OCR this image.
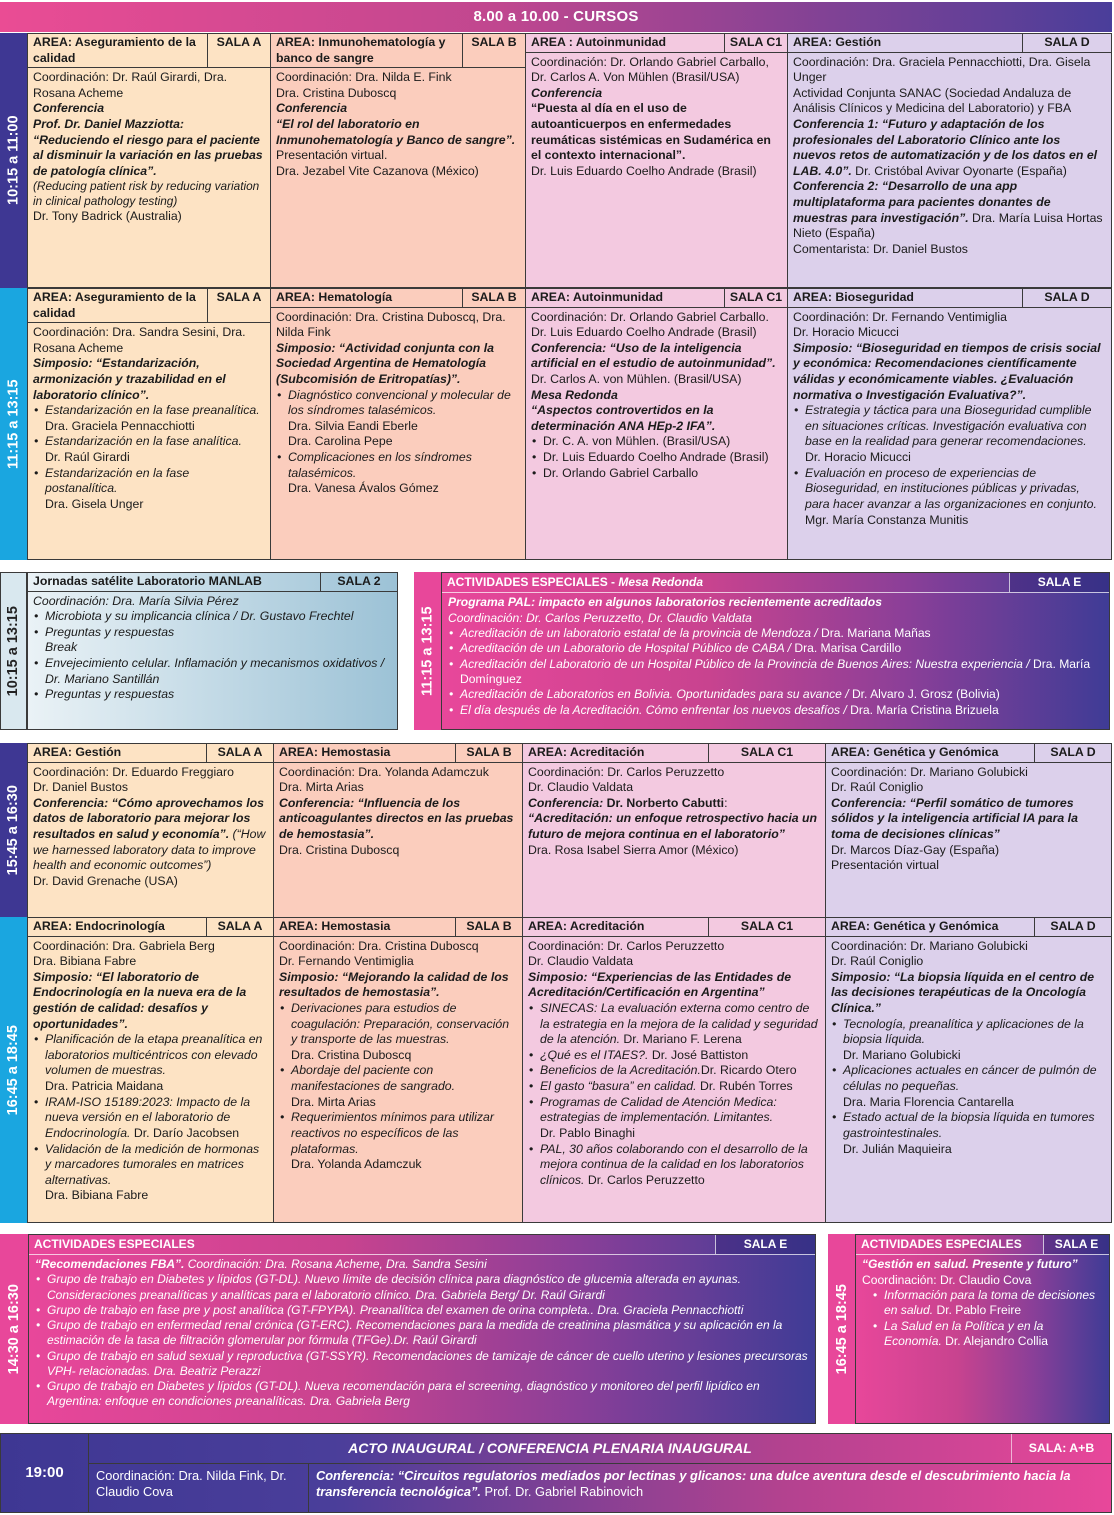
8.00 a 10.00 - CURSOS
10:15 a 11:00
AREA: Aseguramiento de la calidad
SALA A

Coordinación: Dr. Raúl Girardi, Dra. Rosana Acheme

Conferencia

Prof. Dr. Daniel Mazziotta:

“Reduciendo el riesgo para el paciente al disminuir la variación en las pruebas de patología clínica”.

(Reducing patient risk by reducing variation in clinical pathology testing)

Dr. Tony Badrick (Australia)

AREA: Inmunohematología y banco de sangre
SALA B

Coordinación: Dra. Nilda E. Fink

Dra. Cristina Duboscq

Conferencia

“El rol del laboratorio en Inmunohematología y Banco de sangre”.

Presentación virtual.

Dra. Jezabel Vite Cazanova (México)

AREA : Autoinmunidad	SALA C1

Coordinación: Dr. Orlando Gabriel Carballo, Dr. Carlos A. Von Mühlen (Brasil/USA)

Conferencia

“Puesta al día en el uso de autoanticuerpos en enfermedades reumáticas sistémicas en Sudamérica en el contexto internacional”.

Dr. Luis Eduardo Coelho Andrade (Brasil)

AREA: Gestión	SALA D

Coordinación: Dra. Graciela Pennacchiotti, Dra. Gisela Unger

Actividad Conjunta SANAC (Sociedad Andaluza de Análisis Clínicos y Medicina del Laboratorio) y FBA

Conferencia 1: “Futuro y adaptación de los profesionales del Laboratorio Clínico ante los nuevos retos de automatización y de los datos en el LAB. 4.0”. Dr. Cristóbal Avivar Oyonarte (España)

Conferencia 2: “Desarrollo de una app multiplataforma para pacientes donantes de muestras para investigación”. Dra. María Luisa Hortas Nieto (España)

Comentarista: Dr. Daniel Bustos

11:15 a 13:15
AREA: Aseguramiento de la calidad
SALA A

Coordinación: Dra. Sandra Sesini, Dra. Rosana Acheme

Simposio: “Estandarización, armonización y trazabilidad en el laboratorio clínico”.

• Estandarización en la fase preanalítica.

Dra. Graciela Pennacchiotti

• Estandarización en la fase analítica.

Dr. Raúl Girardi

• Estandarización en la fase postanalítica.

Dra. Gisela Unger

AREA: Hematología	SALA B

Coordinación: Dra. Cristina Duboscq, Dra. Nilda Fink

Simposio: “Actividad conjunta con la Sociedad Argentina de Hematología (Subcomisión de Eritropatías)”.

• Diagnóstico convencional y molecular de los síndromes talasémicos.

Dra. Silvia Eandi Eberle

Dra. Carolina Pepe

• Complicaciones en los síndromes talasémicos.

Dra. Vanesa Ávalos Gómez

AREA: Autoinmunidad	SALA C1

Coordinación: Dr. Orlando Gabriel Carballo. Dr. Luis Eduardo Coelho Andrade (Brasil)

Conferencia: “Uso de la inteligencia artificial en el estudio de autoinmunidad”.

Dr. Carlos A. von Mühlen. (Brasil/USA)

Mesa Redonda

“Aspectos controvertidos en la determinación ANA HEp-2 IFA”.

• Dr. C. A. von Mühlen. (Brasil/USA)
• Dr. Luis Eduardo Coelho Andrade (Brasil)
• Dr. Orlando Gabriel Carballo
AREA: Bioseguridad	SALA D

Coordinación: Dr. Fernando Ventimiglia

Dr. Horacio Micucci

Simposio: “Bioseguridad en tiempos de crisis social y económica: Recomendaciones científicamente válidas y económicamente viables. ¿Evaluación normativa o Investigación Evaluativa?”.

• Estrategia y táctica para una Bioseguridad cumplible en situaciones críticas. Investigación evaluativa con base en la realidad para generar recomendaciones.

Dr. Horacio Micucci

• Evaluación en proceso de experiencias de Bioseguridad, en instituciones públicas y privadas, para hacer avanzar a las organizaciones en conjunto. Mgr. María Constanza Munitis
10:15 a 13:15
Jornadas satélite Laboratorio MANLAB	SALA 2

Coordinación: Dra. María Silvia Pérez

• Microbiota y su implicancia clínica / Dr. Gustavo Frechtel
• Preguntas y respuestas

Break

• Envejecimiento celular. Inflamación y mecanismos oxidativos / Dr. Mariano Santillán
• Preguntas y respuestas	11:15 a 13:15
ACTIVIDADES ESPECIALES - Mesa Redonda	SALA E

Programa PAL: impacto en algunos laboratorios recientemente acreditados

Coordinación: Dr. Carlos Peruzzetto, Dr. Claudio Valdata

• Acreditación de un laboratorio estatal de la provincia de Mendoza / Dra. Mariana Mañas
• Acreditación de un Laboratorio de Hospital Público de CABA / Dra. Marisa Cardillo
• Acreditación del Laboratorio de un Hospital Público de la Provincia de Buenos Aires: Nuestra experiencia / Dra. María Domínguez
• Acreditación de Laboratorios en Bolivia. Oportunidades para su avance / Dr. Alvaro J. Grosz (Bolivia)
• El día después de la Acreditación. Cómo enfrentar los nuevos desafíos / Dra. María Cristina Brizuela
15:45 a 16:30
AREA: Gestión	SALA A

Coordinación: Dr. Eduardo Freggiaro

Dr. Daniel Bustos

Conferencia: “Cómo aprovechamos los datos de laboratorio para mejorar los resultados en salud y economía”. (“How we harnessed laboratory data to improve health and economic outcomes”)

Dr. David Grenache (USA)

AREA: Hemostasia	SALA B

Coordinación: Dra. Yolanda Adamczuk

Dra. Mirta Arias

Conferencia: “Influencia de los anticoagulantes directos en las pruebas de hemostasia”.

Dra. Cristina Duboscq

AREA: Acreditación	SALA C1

Coordinación: Dr. Carlos Peruzzetto

Dr. Claudio Valdata

Conferencia: Dr. Norberto Cabutti:

“Acreditación: un enfoque retrospectivo hacia un futuro de mejora continua en el laboratorio”

Dra. Rosa Isabel Sierra Amor (México)

AREA: Genética y Genómica	SALA D

Coordinación: Dr. Mariano Golubicki

Dr. Raúl Coniglio

Conferencia: “Perfil somático de tumores sólidos y la inteligencia artificial IA para la toma de decisiones clínicas”

Dr. Marcos Díaz-Gay (España)

Presentación virtual

16:45 a 18:45
AREA: Endocrinología	SALA A

Coordinación: Dra. Gabriela Berg

Dra. Bibiana Fabre

Simposio: “El laboratorio de Endocrinología en la nueva era de la gestión de calidad: desafíos y oportunidades”.

• Planificación de la etapa preanalítica en laboratorios multicéntricos con elevado volumen de muestras.

Dra. Patricia Maidana

• IRAM-ISO 15189:2023: Impacto de la nueva versión en el laboratorio de Endocrinología. Dr. Darío Jacobsen
• Validación de la medición de hormonas y marcadores tumorales en matrices alternativas.

Dra. Bibiana Fabre

AREA: Hemostasia	SALA B

Coordinación: Dra. Cristina Duboscq

Dr. Fernando Ventimiglia

Simposio: “Mejorando la calidad de los resultados de hemostasia”.

• Derivaciones para estudios de coagulación: Preparación, conservación y transporte de las muestras.

Dra. Cristina Duboscq

• Abordaje del paciente con manifestaciones de sangrado.

Dra. Mirta Arias

• Requerimientos mínimos para utilizar reactivos no específicos de las plataformas.

Dra. Yolanda Adamczuk

AREA: Acreditación	SALA C1

Coordinación: Dr. Carlos Peruzzetto

Dr. Claudio Valdata

Simposio: “Experiencias de las Entidades de Acreditación/Certificación en Argentina”

• SINECAS: La evaluación externa como centro de la estrategia en la mejora de la calidad y seguridad de la atención. Dr. Mariano F. Lerena
• ¿Qué es el ITAES?. Dr. José Battiston
• Beneficios de la Acreditación.Dr. Ricardo Otero
• El gasto “basura” en calidad. Dr. Rubén Torres
• Programas de Calidad de Atención Medica: estrategias de implementación. Limitantes.

Dr. Pablo Binaghi

• PAL, 30 años colaborando con el desarrollo de la mejora continua de la calidad en los laboratorios clínicos. Dr. Carlos Peruzzetto
AREA: Genética y Genómica	SALA D

Coordinación: Dr. Mariano Golubicki

Dr. Raúl Coniglio

Simposio: “La biopsia líquida en el centro de las decisiones terapéuticas de la Oncología Clínica.”

• Tecnología, preanalítica y aplicaciones de la biopsia líquida.

Dr. Mariano Golubicki

• Aplicaciones actuales en cáncer de pulmón de células no pequeñas.

Dra. Maria Florencia Cantarella

• Estado actual de la biopsia líquida en tumores gastrointestinales.

Dr. Julián Maquieira

14:30 a 16:30
ACTIVIDADES ESPECIALES	SALA E

“Recomendaciones FBA”. Coordinación: Dra. Rosana Acheme, Dra. Sandra Sesini

• Grupo de trabajo en Diabetes y lípidos (GT-DL). Nuevo límite de decisión clínica para diagnóstico de glucemia alterada en ayunas. Consideraciones preanalíticas y analíticas para el laboratorio clínico. Dra. Gabriela Berg/ Dr. Raúl Girardi
• Grupo de trabajo en fase pre y post analítica (GT-FPYPA). Preanalítica del examen de orina completa.. Dra. Graciela Pennacchiotti
• Grupo de trabajo en enfermedad renal crónica (GT-ERC). Recomendaciones para la medida de creatinina plasmática y su aplicación en la estimación de la tasa de filtración glomerular por fórmula (TFGe).Dr. Raúl Girardi
• Grupo de trabajo en salud sexual y reproductiva (GT-SSYR). Recomendaciones de tamizaje de cáncer de cuello uterino y lesiones precursoras VPH- relacionadas. Dra. Beatriz Perazzi
• Grupo de trabajo en Diabetes y lípidos (GT-DL). Nueva recomendación para el screening, diagnóstico y monitoreo del perfil lipídico en Argentina: enfoque en condiciones preanalíticas. Dra. Gabriela Berg
16:45 a 18:45
ACTIVIDADES ESPECIALES	SALA E

“Gestión en salud. Presente y futuro”

Coordinación: Dr. Claudio Cova

• Información para la toma de decisiones en salud. Dr. Pablo Freire
• La Salud en la Política y en la Economía. Dr. Alejandro Collia
19:00
ACTO INAUGURAL / CONFERENCIA PLENARIA INAUGURAL	SALA: A+B
Coordinación: Dra. Nilda Fink, Dr. Claudio Cova
Conferencia: “Circuitos regulatorios mediados por lectinas y glicanos: una dulce aventura desde el descubrimiento hacia la transferencia tecnológica”. Prof. Dr. Gabriel Rabinovich
